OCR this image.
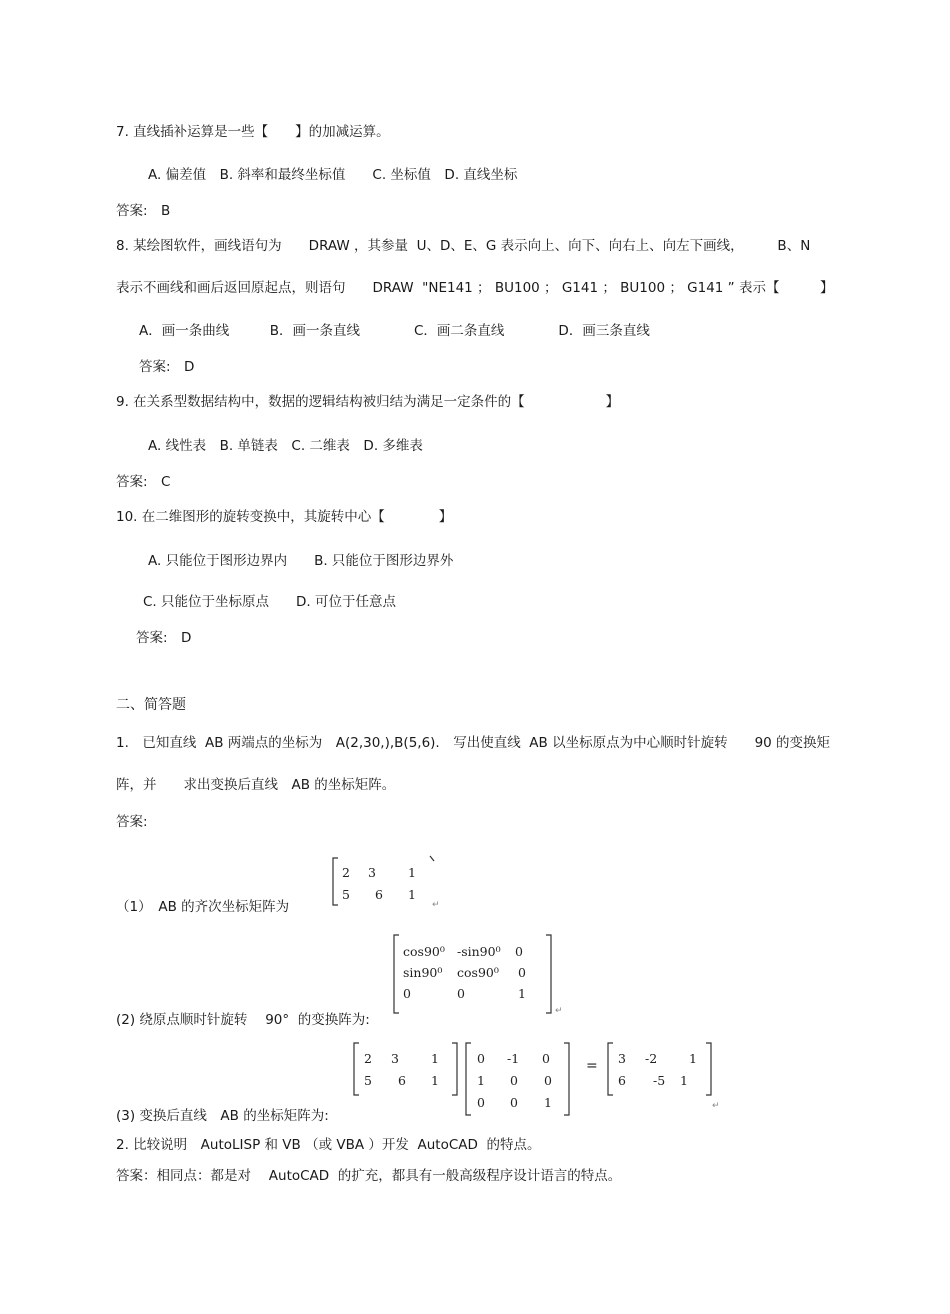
7. 直线插补运算是一些【　　】的加减运算。
A. 偏差值　B. 斜率和最终坐标值　　C. 坐标值　D. 直线坐标
答案:　B
8. 某绘图软件，画线语句为　　DRAW ，其参量  U、D、E、G 表示向上、向下、向右上、向左下画线，　　　B、N
表示不画线和画后返回原起点，则语句　　DRAW  "NE141 ； BU100 ； G141 ； BU100 ； G141 ” 表示【　　　】
A．画一条曲线　　　B．画一条直线　　　　C．画二条直线　　　　D．画三条直线
答案:　D
9. 在关系型数据结构中，数据的逻辑结构被归结为满足一定条件的【　　　　　　】
A. 线性表　B. 单链表　C. 二维表　D. 多维表
答案:　C
10. 在二维图形的旋转变换中，其旋转中心【　　　　】
A. 只能位于图形边界内　　B. 只能位于图形边界外
C. 只能位于坐标原点　　D. 可位于任意点
答案:　D
二、简答题
1.　已知直线  AB 两端点的坐标为　A(2,30,),B(5,6).　写出使直线  AB 以坐标原点为中心顺时针旋转　　90 的变换矩
阵，并　　求出变换后直线　AB 的坐标矩阵。
答案:
（1）　AB 的齐次坐标矩阵为
(2) 绕原点顺时针旋转　 90°  的变换阵为:
(3) 变换后直线　AB 的坐标矩阵为:
2 3	1
5 6 1
↵
cos90⁰ -sin90⁰ 0
sin90⁰ cos90⁰ 0
0	0	1
↵
2 3	1
5 6 1
0 -1 0
1 0 0
0 0 1
= 3 -2	1
6 -5 1
↵
2. 比较说明　AutoLISP 和 VB （或 VBA ）开发  AutoCAD  的特点。
答案：相同点：都是对　 AutoCAD  的扩充，都具有一般高级程序设计语言的特点。
